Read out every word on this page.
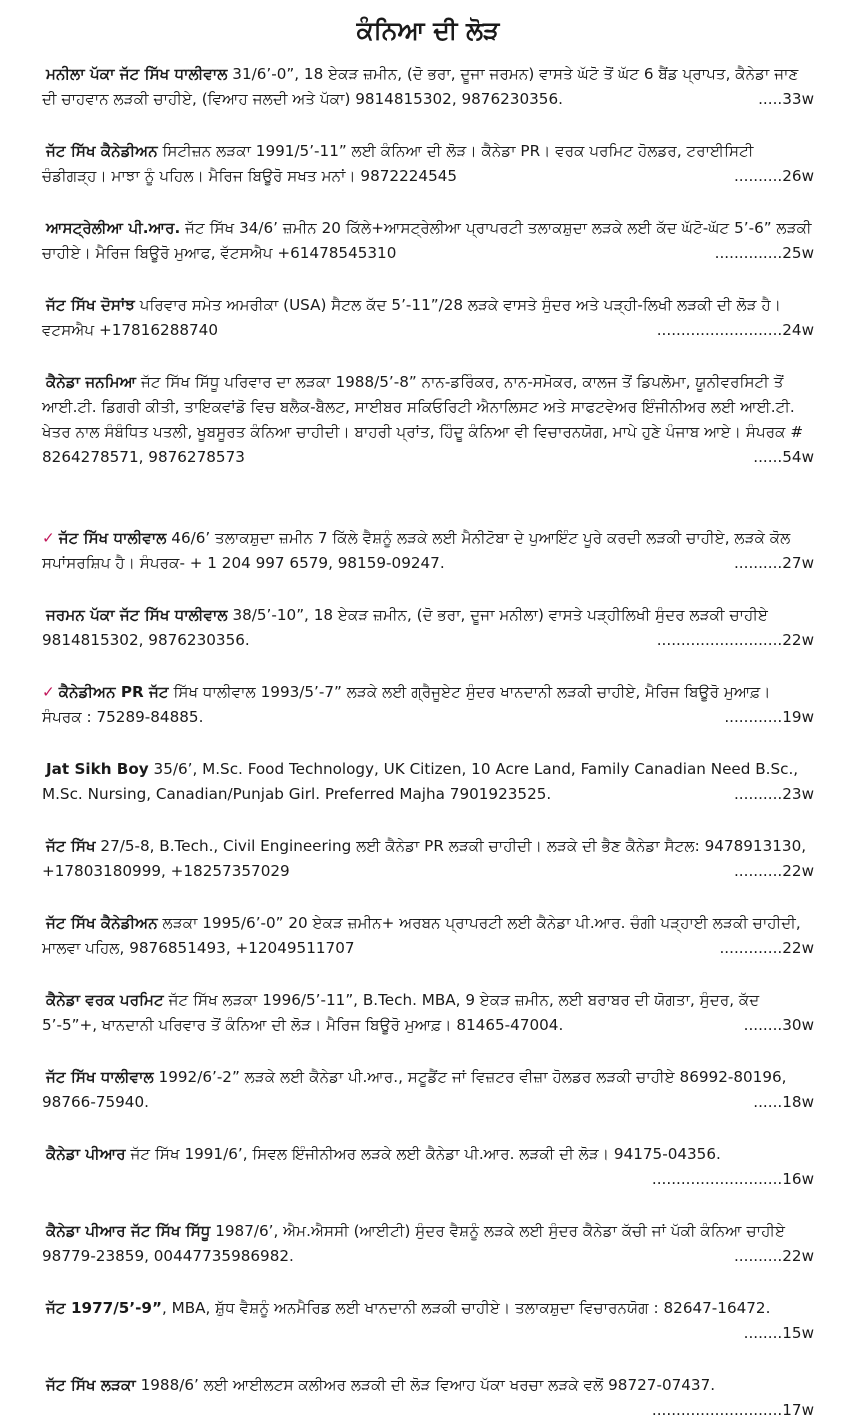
ਕੰਨਿਆ ਦੀ ਲੋੜ

ਮਨੀਲਾ ਪੱਕਾ ਜੱਟ ਸਿੱਖ ਧਾਲੀਵਾਲ 31/6’-0”, 18 ਏਕੜ ਜ਼ਮੀਨ, (ਦੋ ਭਰਾ, ਦੂਜਾ ਜਰਮਨ) ਵਾਸਤੇ ਘੱਟੋ ਤੋਂ ਘੱਟ 6 ਬੈਂਡ ਪ੍ਰਾਪਤ, ਕੈਨੇਡਾ ਜਾਣ ਦੀ ਚਾਹਵਾਨ ਲੜਕੀ ਚਾਹੀਏ, (ਵਿਆਹ ਜਲਦੀ ਅਤੇ ਪੱਕਾ) 9814815302, 9876230356.	.....33w

ਜੱਟ ਸਿੱਖ ਕੈਨੇਡੀਅਨ ਸਿਟੀਜ਼ਨ ਲੜਕਾ 1991/5’-11” ਲਈ ਕੰਨਿਆ ਦੀ ਲੋੜ। ਕੈਨੇਡਾ PR। ਵਰਕ ਪਰਮਿਟ ਹੋਲਡਰ, ਟਰਾਈਸਿਟੀ ਚੰਡੀਗੜ੍ਹ। ਮਾਝਾ ਨੂੰ ਪਹਿਲ। ਮੈਰਿਜ ਬਿਊਰੋ ਸਖਤ ਮਨਾਂ। 9872224545	..........26w

ਆਸਟ੍ਰੇਲੀਆ ਪੀ.ਆਰ. ਜੱਟ ਸਿੱਖ 34/6’ ਜ਼ਮੀਨ 20 ਕਿੱਲੇ+ਆਸਟ੍ਰੇਲੀਆ ਪ੍ਰਾਪਰਟੀ ਤਲਾਕਸ਼ੁਦਾ ਲੜਕੇ ਲਈ ਕੱਦ ਘੱਟੋ-ਘੱਟ 5’-6” ਲੜਕੀ ਚਾਹੀਏ। ਮੈਰਿਜ ਬਿਊਰੋ ਮੁਆਫ, ਵੱਟਸਐਪ +61478545310	..............25w

ਜੱਟ ਸਿੱਖ ਦੋਸਾਂਝ ਪਰਿਵਾਰ ਸਮੇਤ ਅਮਰੀਕਾ (USA) ਸੈਟਲ ਕੱਦ 5’-11”/28 ਲੜਕੇ ਵਾਸਤੇ ਸੁੰਦਰ ਅਤੇ ਪੜ੍ਹੀ-ਲਿਖੀ ਲੜਕੀ ਦੀ ਲੋੜ ਹੈ। ਵਟਸਐਪ +17816288740	..........................24w

ਕੈਨੇਡਾ ਜਨਮਿਆ ਜੱਟ ਸਿੱਖ ਸਿੱਧੂ ਪਰਿਵਾਰ ਦਾ ਲੜਕਾ 1988/5’-8” ਨਾਨ-ਡਰਿੰਕਰ, ਨਾਨ-ਸਮੋਕਰ, ਕਾਲਜ ਤੋਂ ਡਿਪਲੋਮਾ, ਯੂਨੀਵਰਸਿਟੀ ਤੋਂ ਆਈ.ਟੀ. ਡਿਗਰੀ ਕੀਤੀ, ਤਾਇਕਵਾਂਡੋ ਵਿਚ ਬਲੈਕ-ਬੈਲਟ, ਸਾਈਬਰ ਸਕਿਓਰਿਟੀ ਐਨਾਲਿਸਟ ਅਤੇ ਸਾਫਟਵੇਅਰ ਇੰਜੀਨੀਅਰ ਲਈ ਆਈ.ਟੀ. ਖੇਤਰ ਨਾਲ ਸੰਬੰਧਿਤ ਪਤਲੀ, ਖੂਬਸੂਰਤ ਕੰਨਿਆ ਚਾਹੀਦੀ। ਬਾਹਰੀ ਪ੍ਰਾਂਤ, ਹਿੰਦੂ ਕੰਨਿਆ ਵੀ ਵਿਚਾਰਨਯੋਗ, ਮਾਪੇ ਹੁਣੇ ਪੰਜਾਬ ਆਏ। ਸੰਪਰਕ # 8264278571, 9876278573	......54w

✓ ਜੱਟ ਸਿੱਖ ਧਾਲੀਵਾਲ 46/6’ ਤਲਾਕਸ਼ੁਦਾ ਜ਼ਮੀਨ 7 ਕਿੱਲੇ ਵੈਸ਼ਨੂੰ ਲੜਕੇ ਲਈ ਮੈਨੀਟੋਬਾ ਦੇ ਪੁਆਇੰਟ ਪੂਰੇ ਕਰਦੀ ਲੜਕੀ ਚਾਹੀਏ, ਲੜਕੇ ਕੋਲ ਸਪਾਂਸਰਸ਼ਿਪ ਹੈ। ਸੰਪਰਕ- + 1 204 997 6579, 98159-09247.	..........27w

ਜਰਮਨ ਪੱਕਾ ਜੱਟ ਸਿੱਖ ਧਾਲੀਵਾਲ 38/5’-10”, 18 ਏਕੜ ਜ਼ਮੀਨ, (ਦੋ ਭਰਾ, ਦੂਜਾ ਮਨੀਲਾ) ਵਾਸਤੇ ਪੜ੍ਹੀਲਿਖੀ ਸੁੰਦਰ ਲੜਕੀ ਚਾਹੀਏ 9814815302, 9876230356.	..........................22w

✓ ਕੈਨੇਡੀਅਨ PR ਜੱਟ ਸਿੱਖ ਧਾਲੀਵਾਲ 1993/5’-7” ਲੜਕੇ ਲਈ ਗ੍ਰੈਜੂਏਟ ਸੁੰਦਰ ਖਾਨਦਾਨੀ ਲੜਕੀ ਚਾਹੀਏ, ਮੈਰਿਜ ਬਿਊਰੋ ਮੁਆਫ਼। ਸੰਪਰਕ : 75289-84885.	............19w

Jat Sikh Boy 35/6’, M.Sc. Food Technology, UK Citizen, 10 Acre Land, Family Canadian Need B.Sc., M.Sc. Nursing, Canadian/Punjab Girl. Preferred Majha 7901923525.	..........23w

ਜੱਟ ਸਿੱਖ 27/5-8, B.Tech., Civil Engineering ਲਈ ਕੈਨੇਡਾ PR ਲੜਕੀ ਚਾਹੀਦੀ। ਲੜਕੇ ਦੀ ਭੈਣ ਕੈਨੇਡਾ ਸੈਟਲ: 9478913130, +17803180999, +18257357029	..........22w

ਜੱਟ ਸਿੱਖ ਕੈਨੇਡੀਅਨ ਲੜਕਾ 1995/6’-0” 20 ਏਕੜ ਜ਼ਮੀਨ+ ਅਰਬਨ ਪ੍ਰਾਪਰਟੀ ਲਈ ਕੈਨੇਡਾ ਪੀ.ਆਰ. ਚੰਗੀ ਪੜ੍ਹਾਈ ਲੜਕੀ ਚਾਹੀਦੀ, ਮਾਲਵਾ ਪਹਿਲ, 9876851493, +12049511707	.............22w

ਕੈਨੇਡਾ ਵਰਕ ਪਰਮਿਟ ਜੱਟ ਸਿੱਖ ਲੜਕਾ 1996/5’-11”, B.Tech. MBA, 9 ਏਕੜ ਜ਼ਮੀਨ, ਲਈ ਬਰਾਬਰ ਦੀ ਯੋਗਤਾ, ਸੁੰਦਰ, ਕੱਦ 5’-5”+, ਖਾਨਦਾਨੀ ਪਰਿਵਾਰ ਤੋਂ ਕੰਨਿਆ ਦੀ ਲੋੜ। ਮੈਰਿਜ ਬਿਊਰੋ ਮੁਆਫ਼। 81465-47004.	........30w

ਜੱਟ ਸਿੱਖ ਧਾਲੀਵਾਲ 1992/6’-2” ਲੜਕੇ ਲਈ ਕੈਨੇਡਾ ਪੀ.ਆਰ., ਸਟੂਡੈਂਟ ਜਾਂ ਵਿਜ਼ਟਰ ਵੀਜ਼ਾ ਹੋਲਡਰ ਲੜਕੀ ਚਾਹੀਏ 86992-80196, 98766-75940.	......18w

ਕੈਨੇਡਾ ਪੀਆਰ ਜੱਟ ਸਿੱਖ 1991/6’, ਸਿਵਲ ਇੰਜੀਨੀਅਰ ਲੜਕੇ ਲਈ ਕੈਨੇਡਾ ਪੀ.ਆਰ. ਲੜਕੀ ਦੀ ਲੋੜ। 94175-04356.
...........................16w

ਕੈਨੇਡਾ ਪੀਆਰ ਜੱਟ ਸਿੱਖ ਸਿੱਧੂ 1987/6’, ਐਮ.ਐਸਸੀ (ਆਈਟੀ) ਸੁੰਦਰ ਵੈਸ਼ਨੂੰ ਲੜਕੇ ਲਈ ਸੁੰਦਰ ਕੈਨੇਡਾ ਕੱਚੀ ਜਾਂ ਪੱਕੀ ਕੰਨਿਆ ਚਾਹੀਏ 98779-23859, 00447735986982.	..........22w

ਜੱਟ 1977/5’-9”, MBA, ਸ਼ੁੱਧ ਵੈਸ਼ਨੂੰ ਅਨਮੈਰਿਡ ਲਈ ਖਾਨਦਾਨੀ ਲੜਕੀ ਚਾਹੀਏ। ਤਲਾਕਸ਼ੁਦਾ ਵਿਚਾਰਨਯੋਗ : 82647-16472.
........15w

ਜੱਟ ਸਿੱਖ ਲੜਕਾ 1988/6’ ਲਈ ਆਈਲਟਸ ਕਲੀਅਰ ਲੜਕੀ ਦੀ ਲੋੜ ਵਿਆਹ ਪੱਕਾ ਖਰਚਾ ਲੜਕੇ ਵਲੋਂ 98727-07437.
...........................17w
